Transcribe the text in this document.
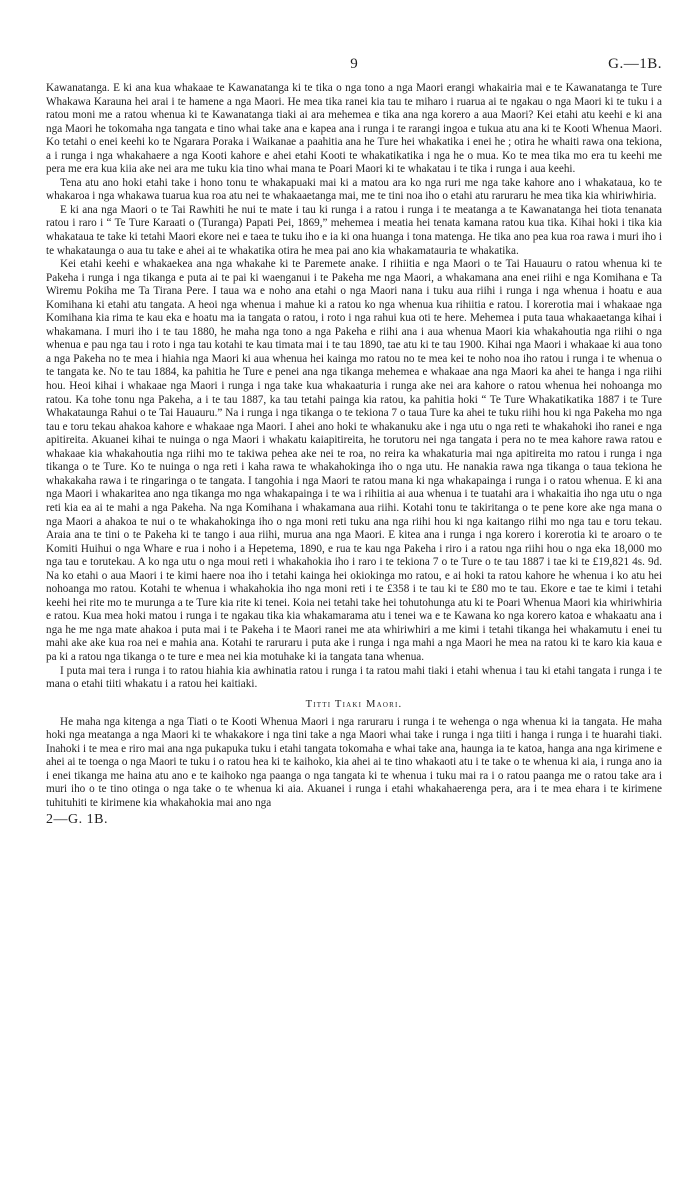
9	G.—1B.

Kawanatanga. E ki ana kua whakaae te Kawanatanga ki te tika o nga tono a nga Maori erangi whakairia mai e te Kawanatanga te Ture Whakawa Karauna hei arai i te hamene a nga Maori. He mea tika ranei kia tau te miharo i ruarua ai te ngakau o nga Maori ki te tuku i a ratou moni me a ratou whenua ki te Kawanatanga tiaki ai ara mehemea e tika ana nga korero a aua Maori? Kei etahi atu keehi e ki ana nga Maori he tokomaha nga tangata e tino whai take ana e kapea ana i runga i te rarangi ingoa e tukua atu ana ki te Kooti Whenua Maori. Ko tetahi o enei keehi ko te Ngarara Poraka i Waikanae a paahitia ana he Ture hei whakatika i enei he ; otira he whaiti rawa ona tekiona, a i runga i nga whakahaere a nga Kooti kahore e ahei etahi Kooti te whakatikatika i nga he o mua. Ko te mea tika mo era tu keehi me pera me era kua kiia ake nei ara me tuku kia tino whai mana te Poari Maori ki te whakatau i te tika i runga i aua keehi.

Tena atu ano hoki etahi take i hono tonu te whakapuaki mai ki a matou ara ko nga ruri me nga take kahore ano i whakataua, ko te whakaroa i nga whakawa tuarua kua roa atu nei te whakaaetanga mai, me te tini noa iho o etahi atu raruraru he mea tika kia whiriwhiria.

E ki ana nga Maori o te Tai Rawhiti he nui te mate i tau ki runga i a ratou i runga i te meatanga a te Kawanatanga hei tiota tenanata ratou i raro i “ Te Ture Karaati o (Turanga) Papati Pei, 1869,” mehemea i meatia hei tenata kamana ratou kua tika. Kihai hoki i tika kia whakataua te take ki tetahi Maori ekore nei e taea te tuku iho e ia ki ona huanga i tona matenga. He tika ano pea kua roa rawa i muri iho i te whakataunga o aua tu take e ahei ai te whakatika otira he mea pai ano kia whakamatauria te whakatika.

Kei etahi keehi e whakaekea ana nga whakahe ki te Paremete anake. I rihiitia e nga Maori o te Tai Hauauru o ratou whenua ki te Pakeha i runga i nga tikanga e puta ai te pai ki waenganui i te Pakeha me nga Maori, a whakamana ana enei riihi e nga Komihana e Ta Wiremu Pokiha me Ta Tirana Pere. I taua wa e noho ana etahi o nga Maori nana i tuku aua riihi i runga i nga whenua i hoatu e aua Komihana ki etahi atu tangata. A heoi nga whenua i mahue ki a ratou ko nga whenua kua rihiitia e ratou. I korerotia mai i whakaae nga Komihana kia rima te kau eka e hoatu ma ia tangata o ratou, i roto i nga rahui kua oti te here. Mehemea i puta taua whakaaetanga kihai i whakamana. I muri iho i te tau 1880, he maha nga tono a nga Pakeha e riihi ana i aua whenua Maori kia whakahoutia nga riihi o nga whenua e pau nga tau i roto i nga tau kotahi te kau timata mai i te tau 1890, tae atu ki te tau 1900. Kihai nga Maori i whakaae ki aua tono a nga Pakeha no te mea i hiahia nga Maori ki aua whenua hei kainga mo ratou no te mea kei te noho noa iho ratou i runga i te whenua o te tangata ke. No te tau 1884, ka pahitia he Ture e penei ana nga tikanga mehemea e whakaae ana nga Maori ka ahei te hanga i nga riihi hou. Heoi kihai i whakaae nga Maori i runga i nga take kua whakaaturia i runga ake nei ara kahore o ratou whenua hei nohoanga mo ratou. Ka tohe tonu nga Pakeha, a i te tau 1887, ka tau tetahi painga kia ratou, ka pahitia hoki “ Te Ture Whakatikatika 1887 i te Ture Whakataunga Rahui o te Tai Hauauru.” Na i runga i nga tikanga o te tekiona 7 o taua Ture ka ahei te tuku riihi hou ki nga Pakeha mo nga tau e toru tekau ahakoa kahore e whakaae nga Maori. I ahei ano hoki te whakanuku ake i nga utu o nga reti te whakahoki iho ranei e nga apitireita. Akuanei kihai te nuinga o nga Maori i whakatu kaiapitireita, he torutoru nei nga tangata i pera no te mea kahore rawa ratou e whakaae kia whakahoutia nga riihi mo te takiwa pehea ake nei te roa, no reira ka whakaturia mai nga apitireita mo ratou i runga i nga tikanga o te Ture. Ko te nuinga o nga reti i kaha rawa te whakahokinga iho o nga utu. He nanakia rawa nga tikanga o taua tekiona he whakakaha rawa i te ringaringa o te tangata. I tangohia i nga Maori te ratou mana ki nga whakapainga i runga i o ratou whenua. E ki ana nga Maori i whakaritea ano nga tikanga mo nga whakapainga i te wa i rihiitia ai aua whenua i te tuatahi ara i whakaitia iho nga utu o nga reti kia ea ai te mahi a nga Pakeha. Na nga Komihana i whakamana aua riihi. Kotahi tonu te takiritanga o te pene kore ake nga mana o nga Maori a ahakoa te nui o te whakahokinga iho o nga moni reti tuku ana nga riihi hou ki nga kaitango riihi mo nga tau e toru tekau. Araia ana te tini o te Pakeha ki te tango i aua riihi, murua ana nga Maori. E kitea ana i runga i nga korero i korerotia ki te aroaro o te Komiti Huihui o nga Whare e rua i noho i a Hepetema, 1890, e rua te kau nga Pakeha i riro i a ratou nga riihi hou o nga eka 18,000 mo nga tau e torutekau. A ko nga utu o nga moui reti i whakahokia iho i raro i te tekiona 7 o te Ture o te tau 1887 i tae ki te £19,821 4s. 9d. Na ko etahi o aua Maori i te kimi haere noa iho i tetahi kainga hei okiokinga mo ratou, e ai hoki ta ratou kahore he whenua i ko atu hei nohoanga mo ratou. Kotahi te whenua i whakahokia iho nga moni reti i te £358 i te tau ki te £80 mo te tau. Ekore e tae te kimi i tetahi keehi hei rite mo te murunga a te Ture kia rite ki tenei. Koia nei tetahi take hei tohutohunga atu ki te Poari Whenua Maori kia whiriwhiria e ratou. Kua mea hoki matou i runga i te ngakau tika kia whakamarama atu i tenei wa e te Kawana ko nga korero katoa e whakaatu ana i nga he me nga mate ahakoa i puta mai i te Pakeha i te Maori ranei me ata whiriwhiri a me kimi i tetahi tikanga hei whakamutu i enei tu mahi ake ake kua roa nei e mahia ana. Kotahi te raruraru i puta ake i runga i nga mahi a nga Maori he mea na ratou ki te karo kia kaua e pa ki a ratou nga tikanga o te ture e mea nei kia motuhake ki ia tangata tana whenua.

I puta mai tera i runga i to ratou hiahia kia awhinatia ratou i runga i ta ratou mahi tiaki i etahi whenua i tau ki etahi tangata i runga i te mana o etahi tiiti whakatu i a ratou hei kaitiaki.

Titti Tiaki Maori.

He maha nga kitenga a nga Tiati o te Kooti Whenua Maori i nga raruraru i runga i te wehenga o nga whenua ki ia tangata. He maha hoki nga meatanga a nga Maori ki te whakakore i nga tini take a nga Maori whai take i runga i nga tiiti i hanga i runga i te huarahi tiaki. Inahoki i te mea e riro mai ana nga pukapuka tuku i etahi tangata tokomaha e whai take ana, haunga ia te katoa, hanga ana nga kirimene e ahei ai te toenga o nga Maori te tuku i o ratou hea ki te kaihoko, kia ahei ai te tino whakaoti atu i te take o te whenua ki aia, i runga ano ia i enei tikanga me haina atu ano e te kaihoko nga paanga o nga tangata ki te whenua i tuku mai ra i o ratou paanga me o ratou take ara i muri iho o te tino otinga o nga take o te whenua ki aia. Akuanei i runga i etahi whakahaerenga pera, ara i te mea ehara i te kirimene tuhituhiti te kirimene kia whakahokia mai ano nga

2—G. 1B.
